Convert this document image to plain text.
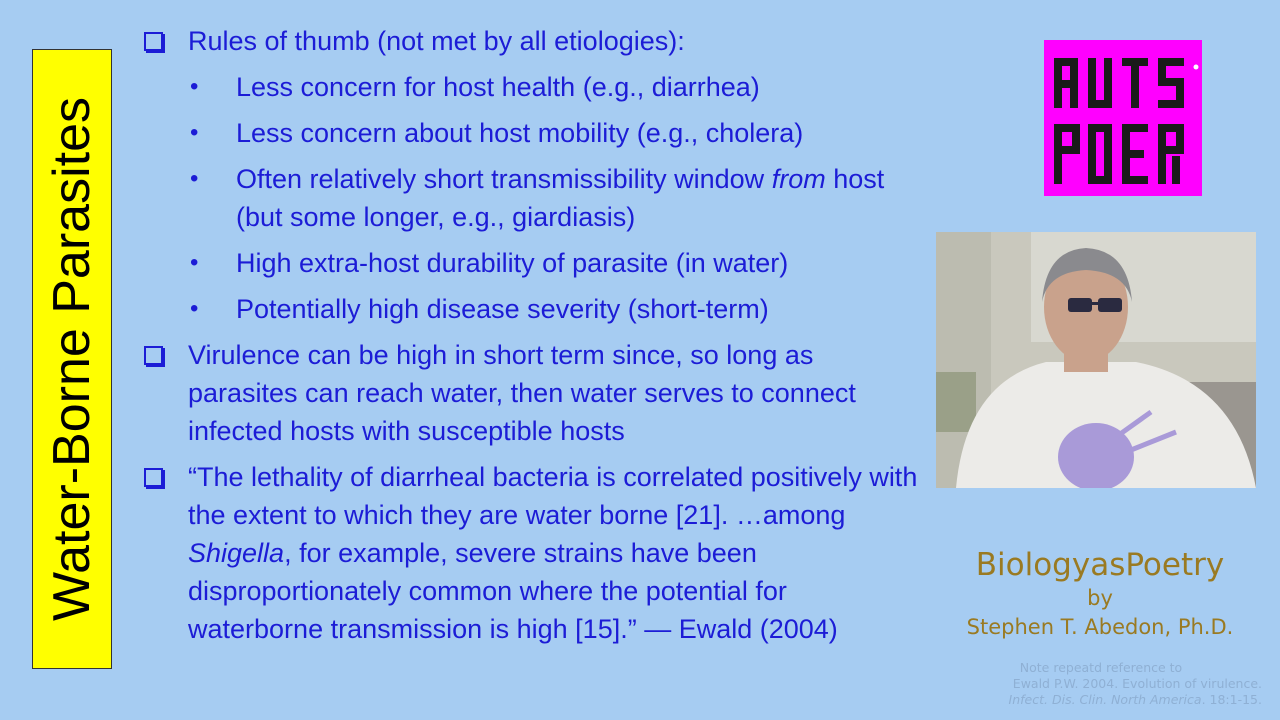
Water-Borne Parasites
Rules of thumb (not met by all etiologies):
• Less concern for host health (e.g., diarrhea)
• Less concern about host mobility (e.g., cholera)
• Often relatively short transmissibility window from host (but some longer, e.g., giardiasis)
• High extra-host durability of parasite (in water)
• Potentially high disease severity (short-term)
Virulence can be high in short term since, so long as parasites can reach water, then water serves to connect infected hosts with susceptible hosts
“The lethality of diarrheal bacteria is correlated positively with the extent to which they are water borne [21]. …among Shigella, for example, severe strains have been disproportionately common where the potential for waterborne transmission is high [15].” — Ewald (2004)
BiologyasPoetry
by
Stephen T. Abedon, Ph.D.
Note repeatd reference to
Ewald P.W. 2004. Evolution of virulence.
Infect. Dis. Clin. North America. 18:1-15.
